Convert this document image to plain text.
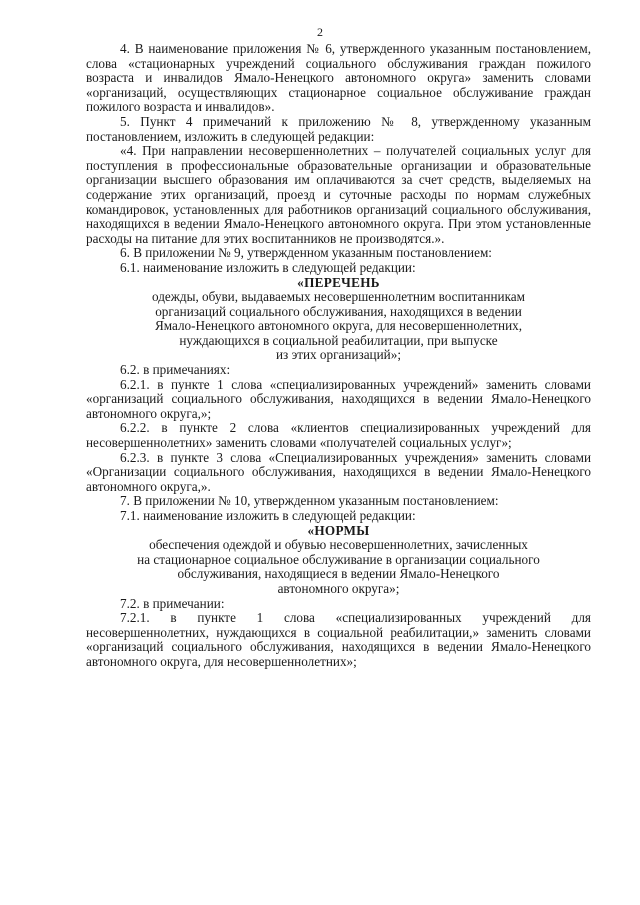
2

4. В наименование приложения № 6, утвержденного указанным постановлением, слова «стационарных учреждений социального обслуживания граждан пожилого возраста и инвалидов Ямало-Ненецкого автономного округа» заменить словами «организаций, осуществляющих стационарное социальное обслуживание граждан пожилого возраста и инвалидов».

5. Пункт 4 примечаний к приложению № 8, утвержденному указанным постановлением, изложить в следующей редакции:

«4. При направлении несовершеннолетних – получателей социальных услуг для поступления в профессиональные образовательные организации и образовательные организации высшего образования им оплачиваются за счет средств, выделяемых на содержание этих организаций, проезд и суточные расходы по нормам служебных командировок, установленных для работников организаций социального обслуживания, находящихся в ведении Ямало-Ненецкого автономного округа. При этом установленные расходы на питание для этих воспитанников не производятся.».

6. В приложении № 9, утвержденном указанным постановлением:

6.1. наименование изложить в следующей редакции:

«ПЕРЕЧЕНЬ

одежды, обуви, выдаваемых несовершеннолетним воспитанникам

организаций социального обслуживания, находящихся в ведении

Ямало-Ненецкого автономного округа, для несовершеннолетних,

нуждающихся в социальной реабилитации, при выпуске

из этих организаций»;

6.2. в примечаниях:

6.2.1. в пункте 1 слова «специализированных учреждений» заменить словами «организаций социального обслуживания, находящихся в ведении Ямало-Ненецкого автономного округа,»;

6.2.2. в пункте 2 слова «клиентов специализированных учреждений для несовершеннолетних» заменить словами «получателей социальных услуг»;

6.2.3. в пункте 3 слова «Специализированных учреждения» заменить словами «Организации социального обслуживания, находящихся в ведении Ямало-Ненецкого автономного округа,».

7. В приложении № 10, утвержденном указанным постановлением:

7.1. наименование изложить в следующей редакции:

«НОРМЫ

обеспечения одеждой и обувью несовершеннолетних, зачисленных

на стационарное социальное обслуживание в организации социального

обслуживания, находящиеся в ведении Ямало-Ненецкого

автономного округа»;

7.2. в примечании:

7.2.1. в пункте 1 слова «специализированных учреждений для несовершеннолетних, нуждающихся в социальной реабилитации,» заменить словами «организаций социального обслуживания, находящихся в ведении Ямало-Ненецкого автономного округа, для несовершеннолетних»;
